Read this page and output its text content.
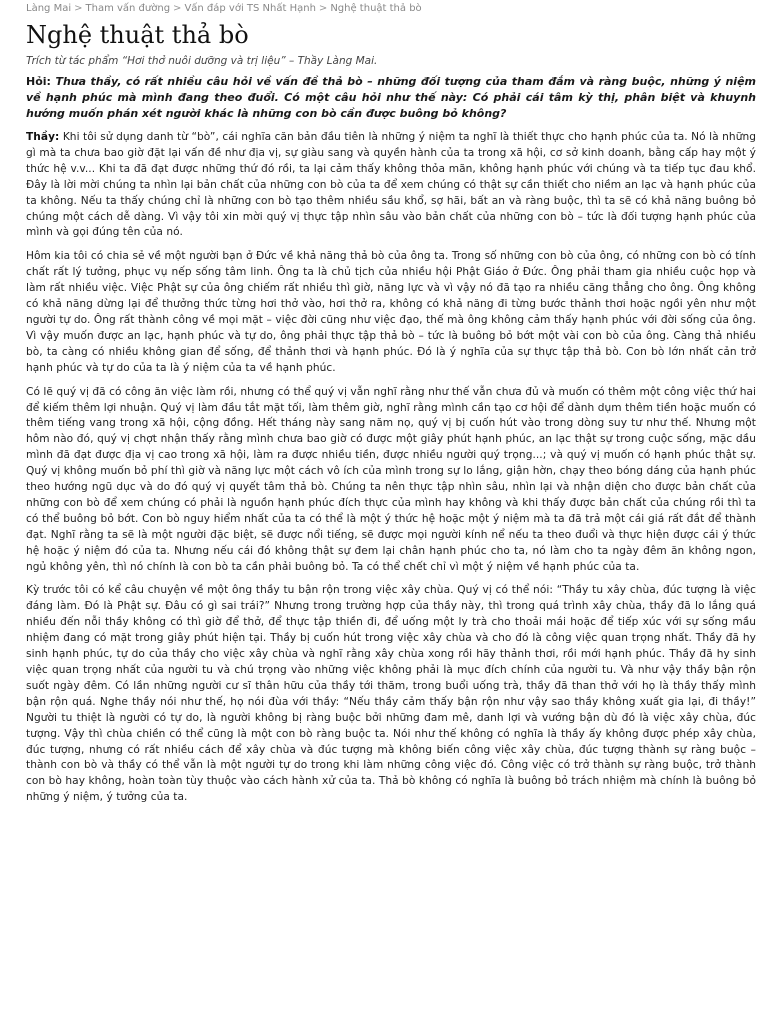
Làng Mai > Tham vấn đường > Vấn đáp với TS Nhất Hạnh > Nghệ thuật thả bò
Nghệ thuật thả bò

Trích từ tác phẩm “Hơi thở nuôi dưỡng và trị liệu” – Thầy Làng Mai.

Hỏi: Thưa thầy, có rất nhiều câu hỏi về vấn đề thả bò – những đối tượng của tham đắm và ràng buộc, những ý niệm về hạnh phúc mà mình đang theo đuổi. Có một câu hỏi như thế này: Có phải cái tâm kỳ thị, phân biệt và khuynh hướng muốn phán xét người khác là những con bò cần được buông bỏ không?

Thầy: Khi tôi sử dụng danh từ “bò”, cái nghĩa căn bản đầu tiên là những ý niệm ta nghĩ là thiết thực cho hạnh phúc của ta. Nó là những gì mà ta chưa bao giờ đặt lại vấn đề như địa vị, sự giàu sang và quyền hành của ta trong xã hội, cơ sở kinh doanh, bằng cấp hay một ý thức hệ v.v... Khi ta đã đạt được những thứ đó rồi, ta lại cảm thấy không thỏa mãn, không hạnh phúc với chúng và ta tiếp tục đau khổ. Đây là lời mời chúng ta nhìn lại bản chất của những con bò của ta để xem chúng có thật sự cần thiết cho niềm an lạc và hạnh phúc của ta không. Nếu ta thấy chúng chỉ là những con bò tạo thêm nhiều sầu khổ, sợ hãi, bất an và ràng buộc, thì ta sẽ có khả năng buông bỏ chúng một cách dễ dàng. Vì vậy tôi xin mời quý vị thực tập nhìn sâu vào bản chất của những con bò – tức là đối tượng hạnh phúc của mình và gọi đúng tên của nó.

Hôm kia tôi có chia sẻ về một người bạn ở Đức về khả năng thả bò của ông ta. Trong số những con bò của ông, có những con bò có tính chất rất lý tưởng, phục vụ nếp sống tâm linh. Ông ta là chủ tịch của nhiều hội Phật Giáo ở Đức. Ông phải tham gia nhiều cuộc họp và làm rất nhiều việc. Việc Phật sự của ông chiếm rất nhiều thì giờ, năng lực và vì vậy nó đã tạo ra nhiều căng thẳng cho ông. Ông không có khả năng dừng lại để thưởng thức từng hơi thở vào, hơi thở ra, không có khả năng đi từng bước thảnh thơi hoặc ngồi yên như một người tự do. Ông rất thành công về mọi mặt – việc đời cũng như việc đạo, thế mà ông không cảm thấy hạnh phúc với đời sống của ông. Vì vậy muốn được an lạc, hạnh phúc và tự do, ông phải thực tập thả bò – tức là buông bỏ bớt một vài con bò của ông. Càng thả nhiều bò, ta càng có nhiều không gian để sống, để thảnh thơi và hạnh phúc. Đó là ý nghĩa của sự thực tập thả bò. Con bò lớn nhất cản trở hạnh phúc và tự do của ta là ý niệm của ta về hạnh phúc.

Có lẽ quý vị đã có công ăn việc làm rồi, nhưng có thể quý vị vẫn nghĩ rằng như thế vẫn chưa đủ và muốn có thêm một công việc thứ hai để kiếm thêm lợi nhuận. Quý vị làm đầu tắt mặt tối, làm thêm giờ, nghĩ rằng mình cần tạo cơ hội để dành dụm thêm tiền hoặc muốn có thêm tiếng vang trong xã hội, cộng đồng. Hết tháng này sang năm nọ, quý vị bị cuốn hút vào trong dòng suy tư như thế. Nhưng một hôm nào đó, quý vị chợt nhận thấy rằng mình chưa bao giờ có được một giây phút hạnh phúc, an lạc thật sự trong cuộc sống, mặc dầu mình đã đạt được địa vị cao trong xã hội, làm ra được nhiều tiền, được nhiều người quý trọng...; và quý vị muốn có hạnh phúc thật sự. Quý vị không muốn bỏ phí thì giờ và năng lực một cách vô ích của mình trong sự lo lắng, giận hờn, chạy theo bóng dáng của hạnh phúc theo hướng ngũ dục và do đó quý vị quyết tâm thả bò. Chúng ta nên thực tập nhìn sâu, nhìn lại và nhận diện cho được bản chất của những con bò để xem chúng có phải là nguồn hạnh phúc đích thực của mình hay không và khi thấy được bản chất của chúng rồi thì ta có thể buông bỏ bớt. Con bò nguy hiểm nhất của ta có thể là một ý thức hệ hoặc một ý niệm mà ta đã trả một cái giá rất đắt để thành đạt. Nghĩ rằng ta sẽ là một người đặc biệt, sẽ được nổi tiếng, sẽ được mọi người kính nể nếu ta theo đuổi và thực hiện được cái ý thức hệ hoặc ý niệm đó của ta. Nhưng nếu cái đó không thật sự đem lại chân hạnh phúc cho ta, nó làm cho ta ngày đêm ăn không ngon, ngủ không yên, thì nó chính là con bò ta cần phải buông bỏ. Ta có thể chết chỉ vì một ý niệm về hạnh phúc của ta.

Kỳ trước tôi có kể câu chuyện về một ông thầy tu bận rộn trong việc xây chùa. Quý vị có thể nói: “Thầy tu xây chùa, đúc tượng là việc đáng làm. Đó là Phật sự. Đâu có gì sai trái?” Nhưng trong trường hợp của thầy này, thì trong quá trình xây chùa, thầy đã lo lắng quá nhiều đến nỗi thầy không có thì giờ để thở, để thực tập thiền đi, để uống một ly trà cho thoải mái hoặc để tiếp xúc với sự sống mầu nhiệm đang có mặt trong giây phút hiện tại. Thầy bị cuốn hút trong việc xây chùa và cho đó là công việc quan trọng nhất. Thầy đã hy sinh hạnh phúc, tự do của thầy cho việc xây chùa và nghĩ rằng xây chùa xong rồi hãy thảnh thơi, rồi mới hạnh phúc. Thầy đã hy sinh việc quan trọng nhất của người tu và chú trọng vào những việc không phải là mục đích chính của người tu. Và như vậy thầy bận rộn suốt ngày đêm. Có lần những người cư sĩ thân hữu của thầy tới thăm, trong buổi uống trà, thầy đã than thở với họ là thầy thấy mình bận rộn quá. Nghe thầy nói như thế, họ nói đùa với thầy: “Nếu thầy cảm thấy bận rộn như vậy sao thầy không xuất gia lại, đi thầy!” Người tu thiệt là người có tự do, là người không bị ràng buộc bởi những đam mê, danh lợi và vướng bận dù đó là việc xây chùa, đúc tượng. Vậy thì chùa chiền có thể cũng là một con bò ràng buộc ta. Nói như thế không có nghĩa là thầy ấy không được phép xây chùa, đúc tượng, nhưng có rất nhiều cách để xây chùa và đúc tượng mà không biến công việc xây chùa, đúc tượng thành sự ràng buộc – thành con bò và thầy có thể vẫn là một người tự do trong khi làm những công việc đó. Công việc có trở thành sự ràng buộc, trở thành con bò hay không, hoàn toàn tùy thuộc vào cách hành xử của ta. Thả bò không có nghĩa là buông bỏ trách nhiệm mà chính là buông bỏ những ý niệm, ý tưởng của ta.
